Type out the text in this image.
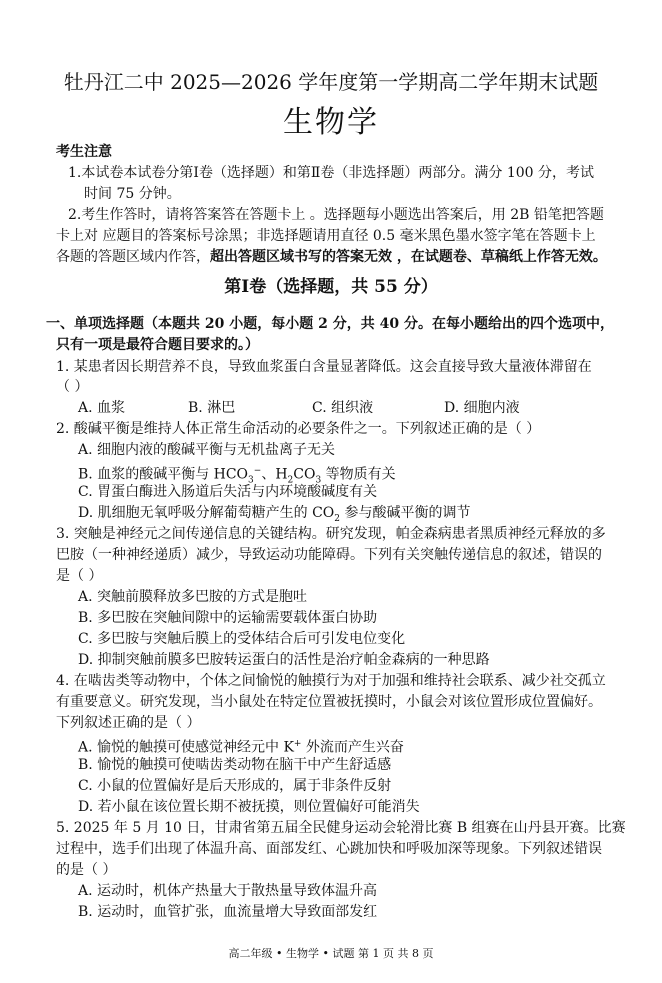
牡丹江二中 2025—2026 学年度第一学期高二学年期末试题
生物学
考生注意
1.本试卷本试卷分第Ⅰ卷（选择题）和第Ⅱ卷（非选择题）两部分。满分 100 分，考试
时间 75 分钟。
2.考生作答时，请将答案答在答题卡上 。选择题每小题选出答案后，用 2B 铅笔把答题
卡上对 应题目的答案标号涂黑；非选择题请用直径 0.5 毫米黑色墨水签字笔在答题卡上
各题的答题区域内作答，超出答题区域书写的答案无效 ，在试题卷、草稿纸上作答无效。
第Ⅰ卷（选择题，共 55 分）
一、单项选择题（本题共 20 小题，每小题 2 分，共 40 分。在每小题给出的四个选项中，
只有一项是最符合题目要求的。）
1. 某患者因长期营养不良，导致血浆蛋白含量显著降低。这会直接导致大量液体滞留在
（ ）
A. 血浆	B. 淋巴	C. 组织液	D. 细胞内液
2. 酸碱平衡是维持人体正常生命活动的必要条件之一。下列叙述正确的是（ ）
A. 细胞内液的酸碱平衡与无机盐离子无关
B. 血浆的酸碱平衡与 $HCO_3^-$、$H_2CO_3$ 等物质有关
C. 胃蛋白酶进入肠道后失活与内环境酸碱度有关
D. 肌细胞无氧呼吸分解葡萄糖产生的 $CO_2$ 参与酸碱平衡的调节
3. 突触是神经元之间传递信息的关键结构。研究发现，帕金森病患者黑质神经元释放的多
巴胺（一种神经递质）减少，导致运动功能障碍。下列有关突触传递信息的叙述，错误的
是（ ）
A. 突触前膜释放多巴胺的方式是胞吐
B. 多巴胺在突触间隙中的运输需要载体蛋白协助
C. 多巴胺与突触后膜上的受体结合后可引发电位变化
D. 抑制突触前膜多巴胺转运蛋白的活性是治疗帕金森病的一种思路
4. 在啮齿类等动物中，个体之间愉悦的触摸行为对于加强和维持社会联系、减少社交孤立
有重要意义。研究发现，当小鼠处在特定位置被抚摸时，小鼠会对该位置形成位置偏好。
下列叙述正确的是（ ）
A. 愉悦的触摸可使感觉神经元中 K+ 外流而产生兴奋
B. 愉悦的触摸可使啮齿类动物在脑干中产生舒适感
C. 小鼠的位置偏好是后天形成的，属于非条件反射
D. 若小鼠在该位置长期不被抚摸，则位置偏好可能消失
5. 2025 年 5 月 10 日，甘肃省第五届全民健身运动会轮滑比赛 B 组赛在山丹县开赛。比赛
过程中，选手们出现了体温升高、面部发红、心跳加快和呼吸加深等现象。下列叙述错误
的是（ ）
A. 运动时，机体产热量大于散热量导致体温升高
B. 运动时，血管扩张，血流量增大导致面部发红
高二年级 • 生物学 • 试题 第 1 页 共 8 页
